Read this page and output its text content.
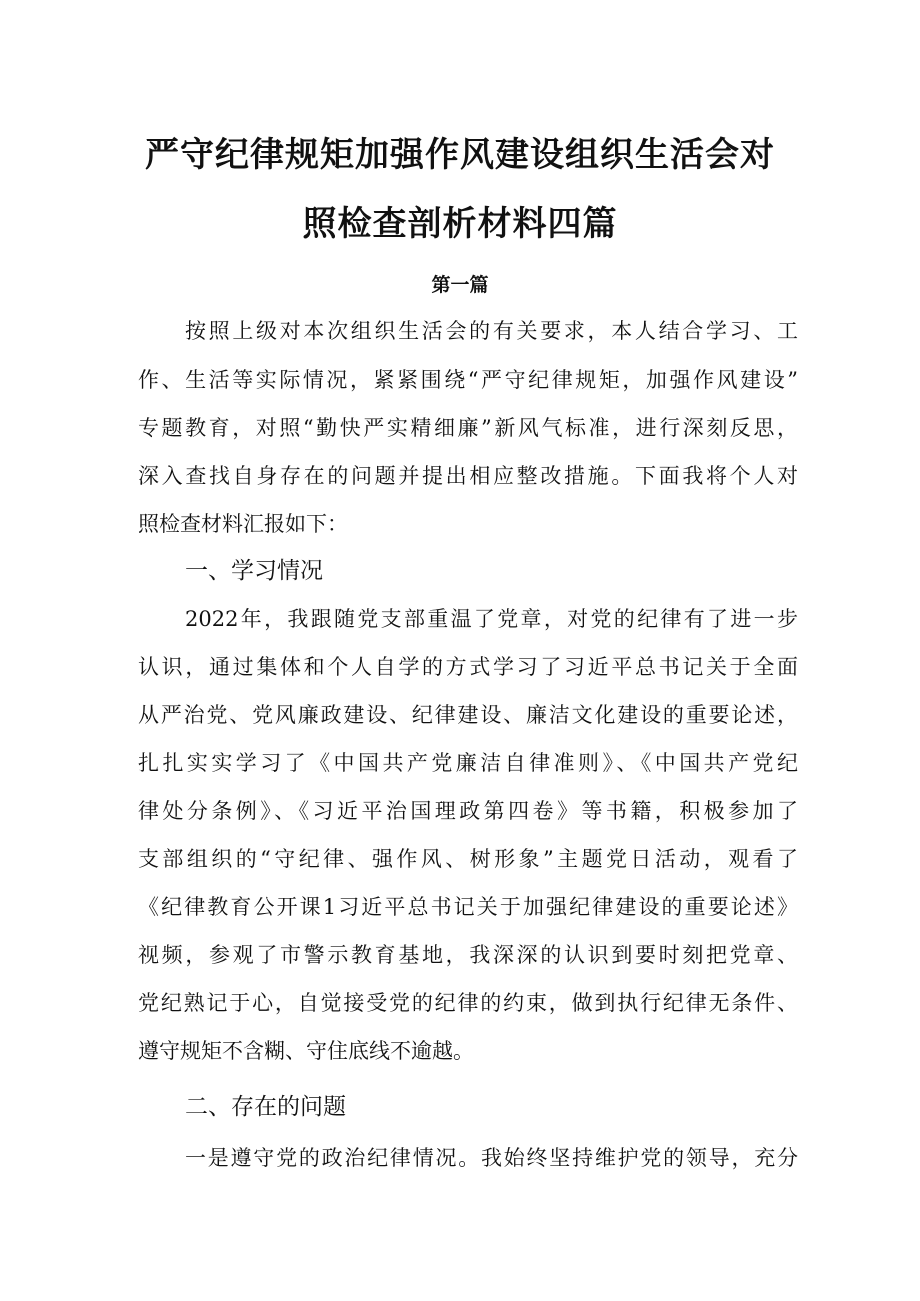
严守纪律规矩加强作风建设组织生活会对
照检查剖析材料四篇
第一篇
按照上级对本次组织生活会的有关要求，本人结合学习、工
作、生活等实际情况，紧紧围绕“严守纪律规矩，加强作风建设”
专题教育，对照“勤快严实精细廉”新风气标准，进行深刻反思，
深入查找自身存在的问题并提出相应整改措施。下面我将个人对
照检查材料汇报如下：
一、学习情况
2022年，我跟随党支部重温了党章，对党的纪律有了进一步
认识，通过集体和个人自学的方式学习了习近平总书记关于全面
从严治党、党风廉政建设、纪律建设、廉洁文化建设的重要论述，
扎扎实实学习了《中国共产党廉洁自律准则》、《中国共产党纪
律处分条例》、《习近平治国理政第四卷》等书籍，积极参加了
支部组织的“守纪律、强作风、树形象”主题党日活动，观看了
《纪律教育公开课1习近平总书记关于加强纪律建设的重要论述》
视频，参观了市警示教育基地，我深深的认识到要时刻把党章、
党纪熟记于心，自觉接受党的纪律的约束，做到执行纪律无条件、
遵守规矩不含糊、守住底线不逾越。
二、存在的问题
一是遵守党的政治纪律情况。我始终坚持维护党的领导，充分
